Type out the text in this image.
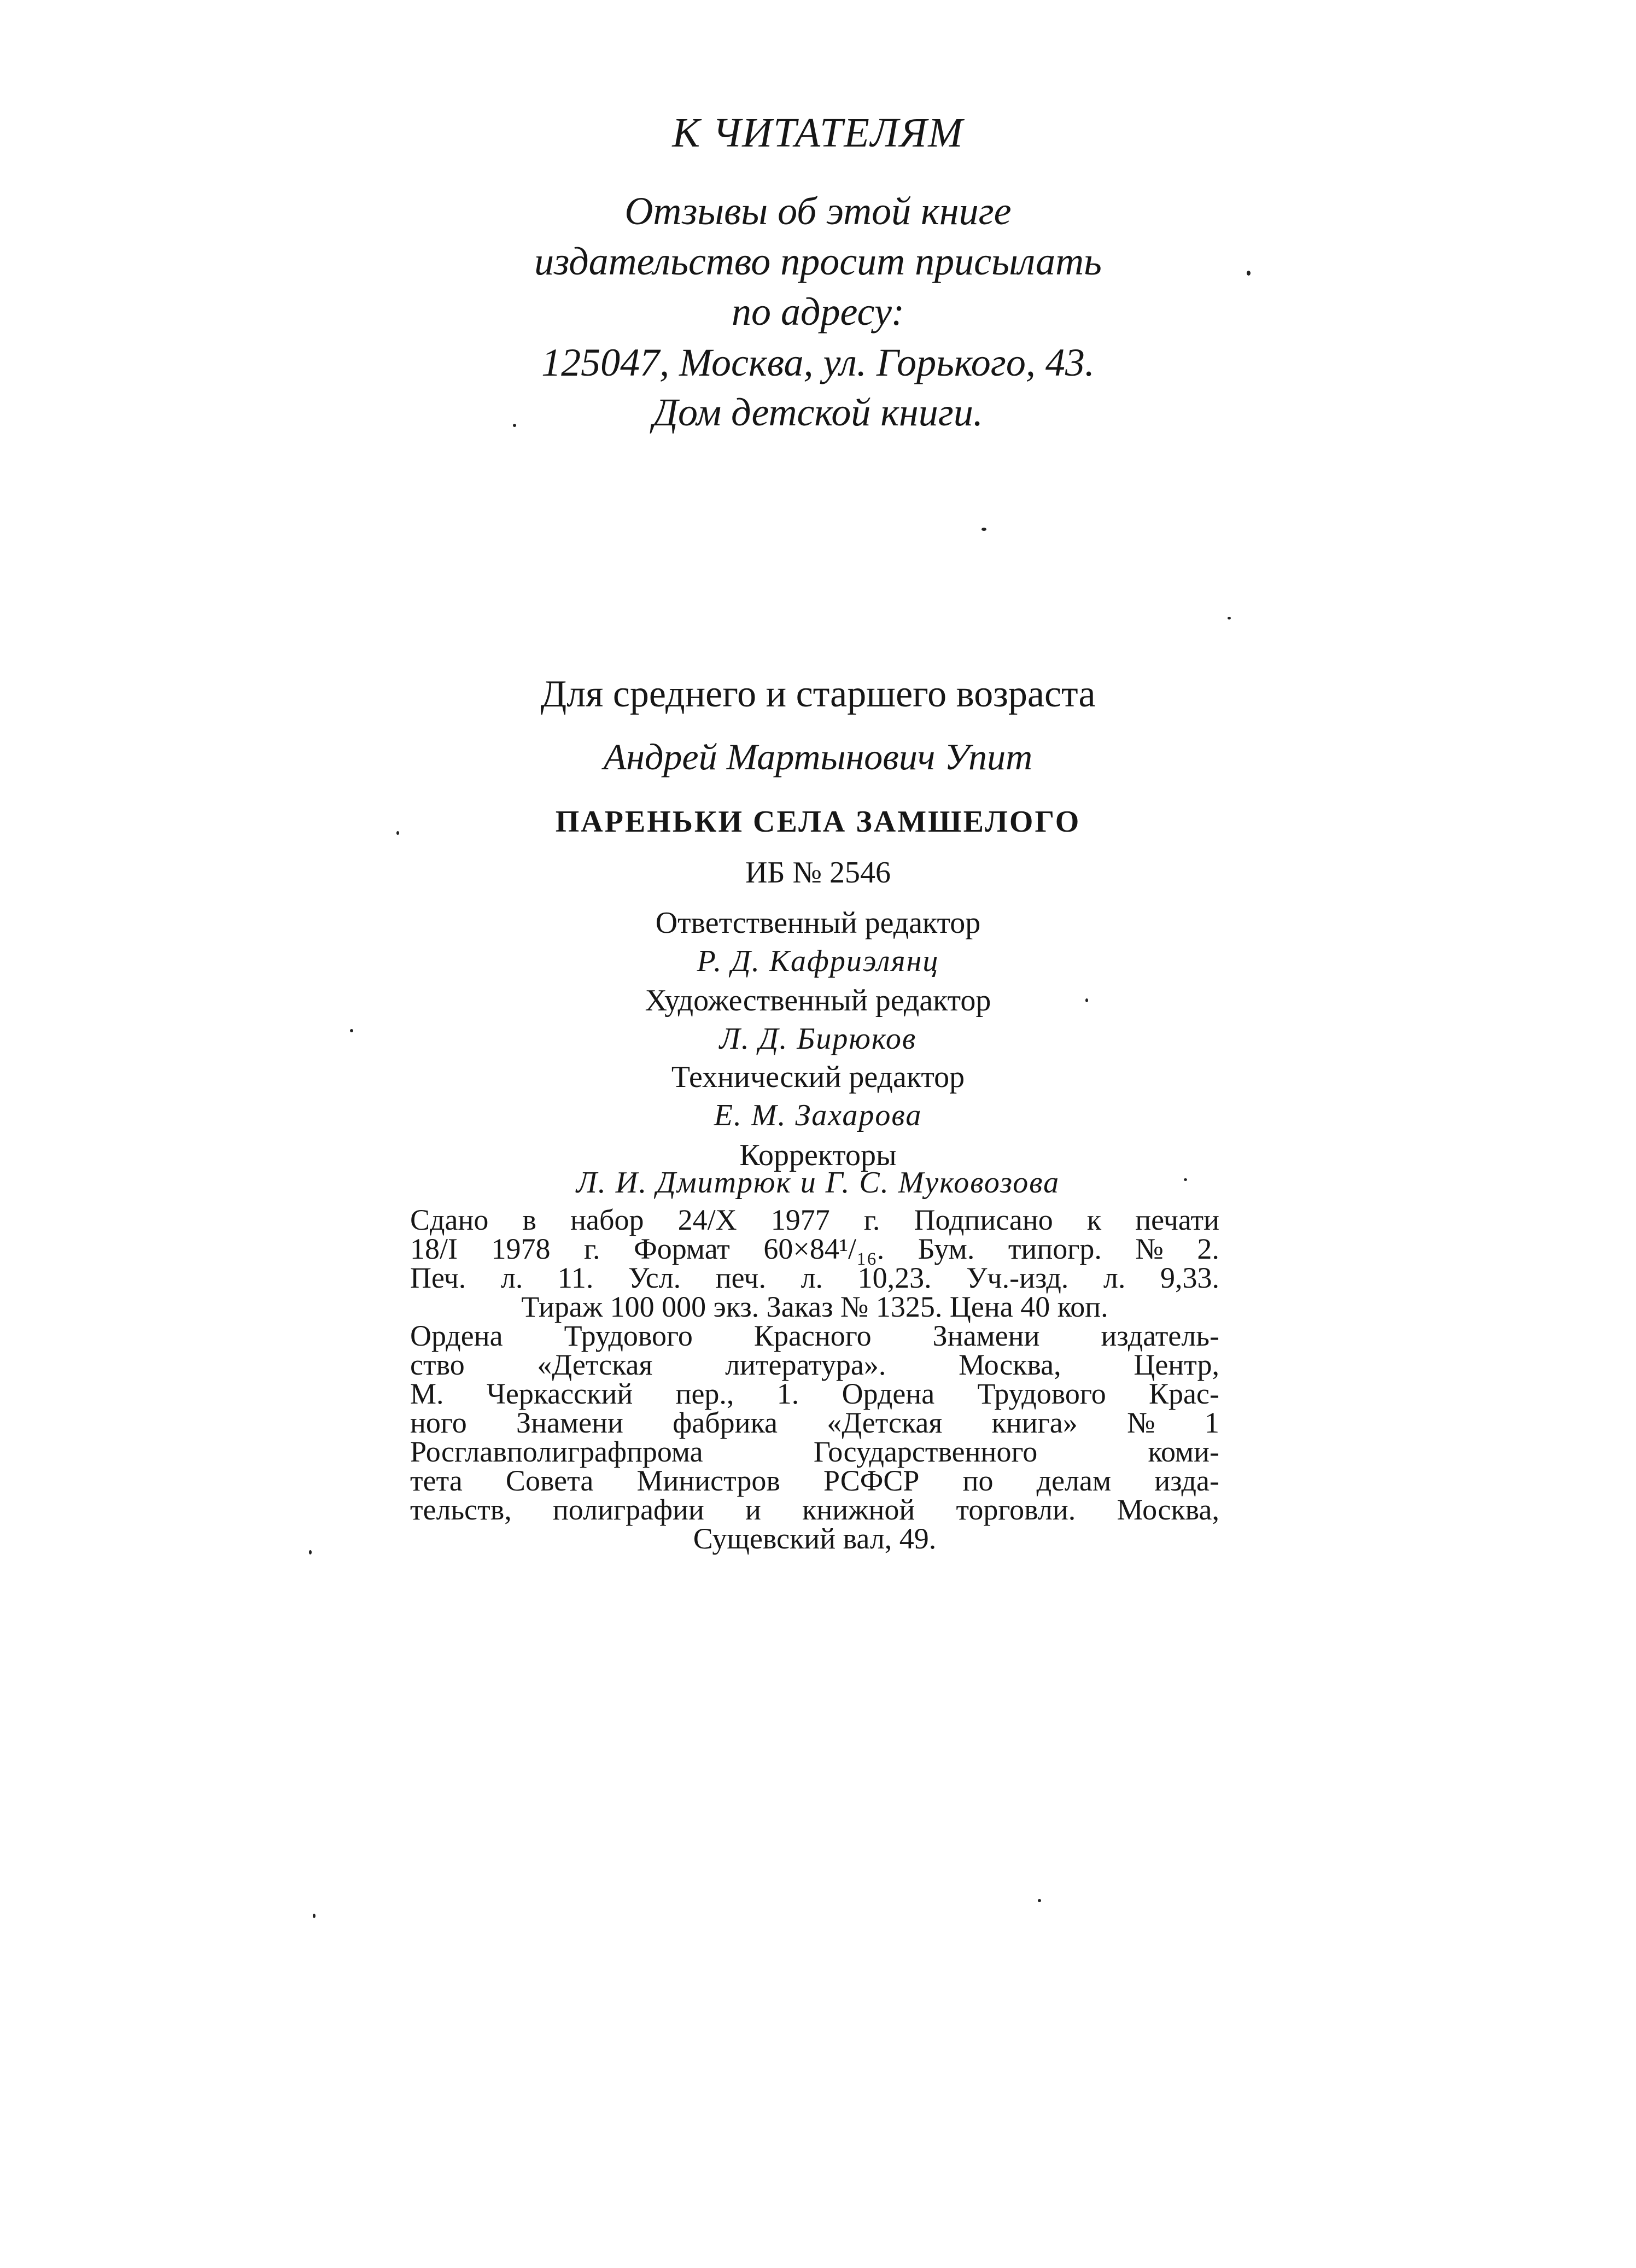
К ЧИТАТЕЛЯМ
Отзывы об этой книге
издательство просит присылать
по адресу:
125047, Москва, ул. Горького, 43.
Дом детской книги.
Для среднего и старшего возраста
Андрей Мартынович Упит
ПАРЕНЬКИ СЕЛА ЗАМШЕЛОГО
ИБ № 2546
Ответственный редактор
Р. Д. Кафриэлянц
Художественный редактор
Л. Д. Бирюков
Технический редактор
Е. М. Захарова
Корректоры
Л. И. Дмитрюк и Г. С. Муковозова
Сдано в набор 24/Х 1977 г. Подписано к печати
18/I 1978 г. Формат 60×84¹/₁₆. Бум. типогр. № 2.
Печ. л. 11. Усл. печ. л. 10,23. Уч.-изд. л. 9,33.
Тираж 100 000 экз. Заказ № 1325. Цена 40 коп.
Ордена Трудового Красного Знамени издатель-
ство «Детская литература». Москва, Центр,
М. Черкасский пер., 1. Ордена Трудового Крас-
ного Знамени фабрика «Детская книга» № 1
Росглавполиграфпрома	Государственного	коми-
тета Совета Министров РСФСР по делам изда-
тельств, полиграфии и книжной торговли. Москва,
Сущевский вал, 49.
